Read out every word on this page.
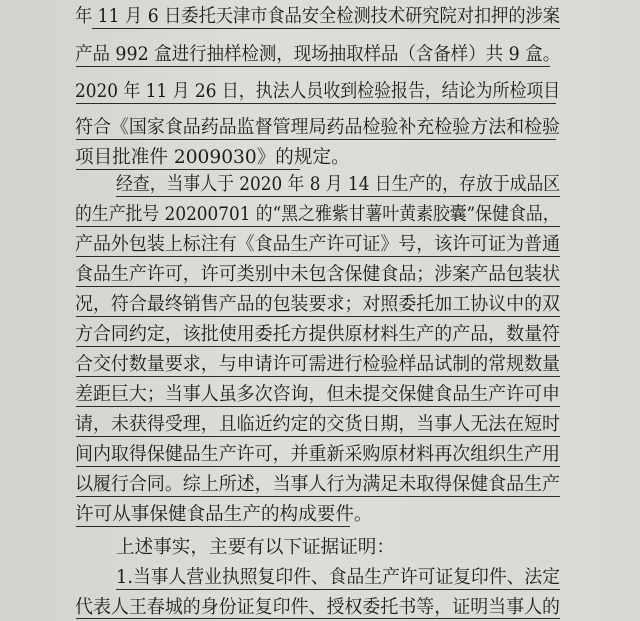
年 11 月 6 日委托天津市食品安全检测技术研究院对扣押的涉案
产品 992 盒进行抽样检测，现场抽取样品（含备样）共 9 盒。
2020 年 11 月 26 日，执法人员收到检验报告，结论为所检项目
符合《国家食品药品监督管理局药品检验补充检验方法和检验
项目批准件 2009030》的规定。
经查，当事人于 2020 年 8 月 14 日生产的，存放于成品区
的生产批号 20200701 的“黑之雅紫甘薯叶黄素胶囊”保健食品，
产品外包装上标注有《食品生产许可证》号，该许可证为普通
食品生产许可，许可类别中未包含保健食品；涉案产品包装状
况，符合最终销售产品的包装要求；对照委托加工协议中的双
方合同约定，该批使用委托方提供原材料生产的产品，数量符
合交付数量要求，与申请许可需进行检验样品试制的常规数量
差距巨大；当事人虽多次咨询，但未提交保健食品生产许可申
请，未获得受理，且临近约定的交货日期，当事人无法在短时
间内取得保健品生产许可，并重新采购原材料再次组织生产用
以履行合同。综上所述，当事人行为满足未取得保健食品生产
许可从事保健食品生产的构成要件。
上述事实，主要有以下证据证明：
1.当事人营业执照复印件、食品生产许可证复印件、法定
代表人王春城的身份证复印件、授权委托书等，证明当事人的
